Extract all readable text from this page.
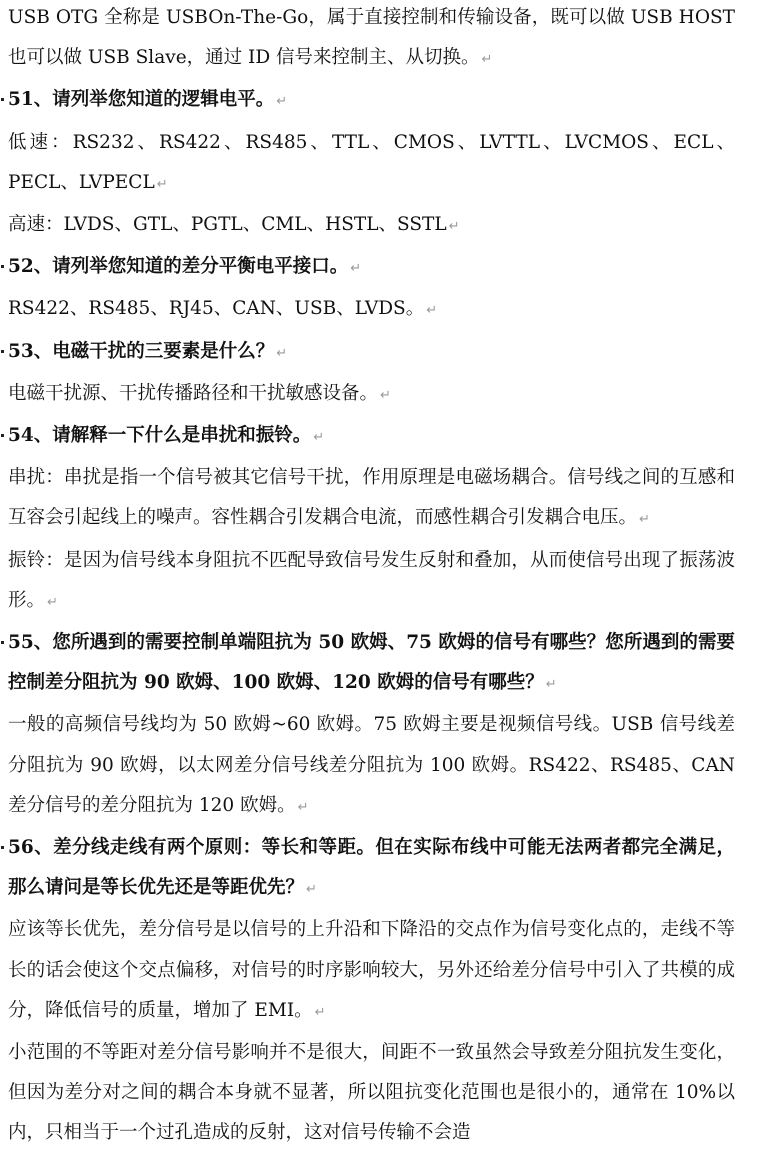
USB OTG 全称是 USBOn-The-Go，属于直接控制和传输设备，既可以做 USB HOST 也可以做 USB Slave，通过 ID 信号来控制主、从切换。 ↵

51、请列举您知道的逻辑电平。 ↵

低速：RS232、RS422、RS485、TTL、CMOS、LVTTL、LVCMOS、ECL、PECL、LVPECL ↵

高速：LVDS、GTL、PGTL、CML、HSTL、SSTL ↵

52、请列举您知道的差分平衡电平接口。 ↵

RS422、RS485、RJ45、CAN、USB、LVDS。 ↵

53、电磁干扰的三要素是什么？ ↵

电磁干扰源、干扰传播路径和干扰敏感设备。 ↵

54、请解释一下什么是串扰和振铃。 ↵

串扰：串扰是指一个信号被其它信号干扰，作用原理是电磁场耦合。信号线之间的互感和互容会引起线上的噪声。容性耦合引发耦合电流，而感性耦合引发耦合电压。 ↵

振铃：是因为信号线本身阻抗不匹配导致信号发生反射和叠加，从而使信号出现了振荡波形。 ↵

55、您所遇到的需要控制单端阻抗为 50 欧姆、75 欧姆的信号有哪些？您所遇到的需要控制差分阻抗为 90 欧姆、100 欧姆、120 欧姆的信号有哪些？ ↵

一般的高频信号线均为 50 欧姆~60 欧姆。75 欧姆主要是视频信号线。USB 信号线差分阻抗为 90 欧姆，以太网差分信号线差分阻抗为 100 欧姆。RS422、RS485、CAN 差分信号的差分阻抗为 120 欧姆。 ↵

56、差分线走线有两个原则：等长和等距。但在实际布线中可能无法两者都完全满足，那么请问是等长优先还是等距优先？ ↵

应该等长优先，差分信号是以信号的上升沿和下降沿的交点作为信号变化点的，走线不等长的话会使这个交点偏移，对信号的时序影响较大，另外还给差分信号中引入了共模的成分，降低信号的质量，增加了 EMI。 ↵

小范围的不等距对差分信号影响并不是很大，间距不一致虽然会导致差分阻抗发生变化，但因为差分对之间的耦合本身就不显著，所以阻抗变化范围也是很小的，通常在 10%以内，只相当于一个过孔造成的反射，这对信号传输不会造
